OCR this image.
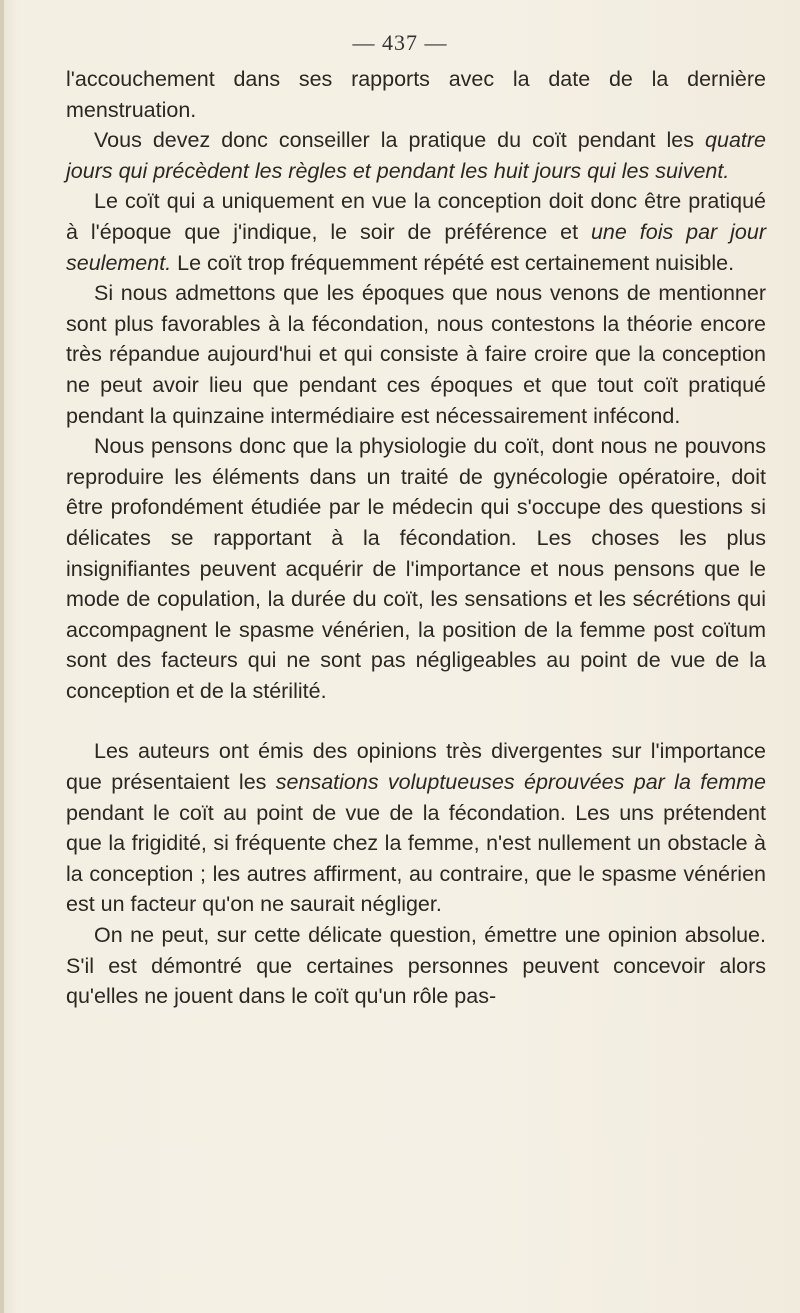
— 437 —

l'accouchement dans ses rapports avec la date de la dernière menstruation.

Vous devez donc conseiller la pratique du coït pendant les quatre jours qui précèdent les règles et pendant les huit jours qui les suivent.

Le coït qui a uniquement en vue la conception doit donc être pratiqué à l'époque que j'indique, le soir de préférence et une fois par jour seulement. Le coït trop fréquemment répété est certainement nuisible.

Si nous admettons que les époques que nous venons de mentionner sont plus favorables à la fécondation, nous contestons la théorie encore très répandue aujourd'hui et qui consiste à faire croire que la conception ne peut avoir lieu que pendant ces époques et que tout coït pratiqué pendant la quinzaine intermédiaire est nécessairement infécond.

Nous pensons donc que la physiologie du coït, dont nous ne pouvons reproduire les éléments dans un traité de gynécologie opératoire, doit être profondément étudiée par le médecin qui s'occupe des questions si délicates se rapportant à la fécondation. Les choses les plus insignifiantes peuvent acquérir de l'importance et nous pensons que le mode de copulation, la durée du coït, les sensations et les sécrétions qui accompagnent le spasme vénérien, la position de la femme post coïtum sont des facteurs qui ne sont pas négligeables au point de vue de la conception et de la stérilité.

Les auteurs ont émis des opinions très divergentes sur l'importance que présentaient les sensations voluptueuses éprouvées par la femme pendant le coït au point de vue de la fécondation. Les uns prétendent que la frigidité, si fréquente chez la femme, n'est nullement un obstacle à la conception ; les autres affirment, au contraire, que le spasme vénérien est un facteur qu'on ne saurait négliger.

On ne peut, sur cette délicate question, émettre une opinion absolue. S'il est démontré que certaines personnes peuvent concevoir alors qu'elles ne jouent dans le coït qu'un rôle pas-
